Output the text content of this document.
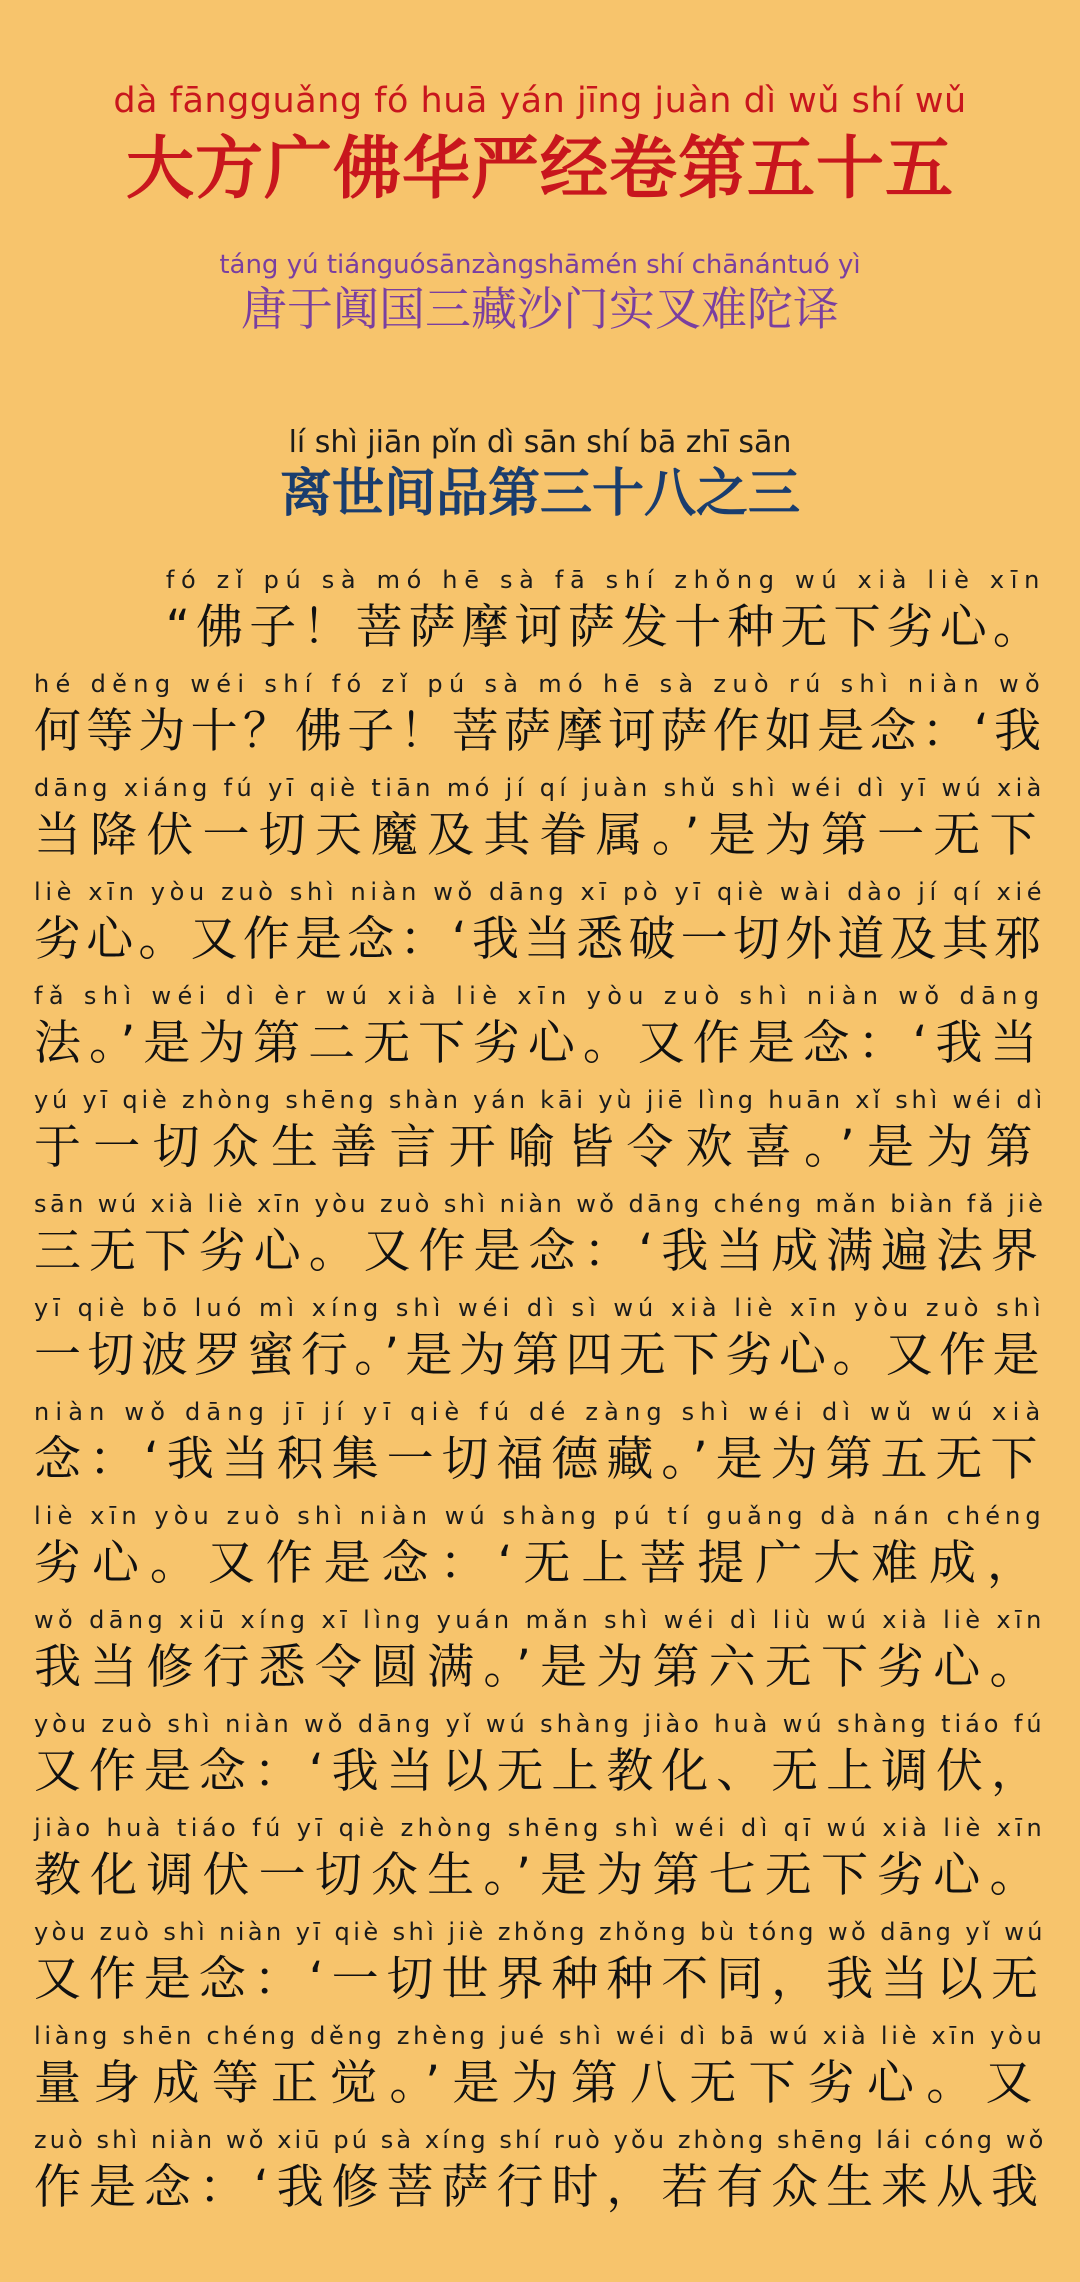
dà fāngguǎng fó huā yán jīng juàn dì wǔ shí wǔ
大方广佛华严经卷第五十五
táng yú tiánguósānzàngshāmén shí chānántuó yì
唐于阗国三藏沙门实叉难陀译
lí shì jiān pǐn dì sān shí bā zhī sān
离世间品第三十八之三
fó zǐ pú sà mó hē sà fā shí zhǒng wú xià liè xīn
“佛子！菩萨摩诃萨发十种无下劣心。
hé děng wéi shí fó zǐ pú sà mó hē sà zuò rú shì niàn wǒ
何等为十？佛子！菩萨摩诃萨作如是念：‘我
dāng xiáng fú yī qiè tiān mó jí qí juàn shǔ shì wéi dì yī wú xià
当降伏一切天魔及其眷属。’是为第一无下
liè xīn yòu zuò shì niàn wǒ dāng xī pò yī qiè wài dào jí qí xié
劣心。又作是念：‘我当悉破一切外道及其邪
fǎ shì wéi dì èr wú xià liè xīn yòu zuò shì niàn wǒ dāng
法。’是为第二无下劣心。又作是念：‘我当
yú yī qiè zhòng shēng shàn yán kāi yù jiē lìng huān xǐ shì wéi dì
于一切众生善言开喻皆令欢喜。’是为第
sān wú xià liè xīn yòu zuò shì niàn wǒ dāng chéng mǎn biàn fǎ jiè
三无下劣心。又作是念：‘我当成满遍法界
yī qiè bō luó mì xíng shì wéi dì sì wú xià liè xīn yòu zuò shì
一切波罗蜜行。’是为第四无下劣心。又作是
niàn wǒ dāng jī jí yī qiè fú dé zàng shì wéi dì wǔ wú xià
念：‘我当积集一切福德藏。’是为第五无下
liè xīn yòu zuò shì niàn wú shàng pú tí guǎng dà nán chéng
劣心。又作是念：‘无上菩提广大难成，
wǒ dāng xiū xíng xī lìng yuán mǎn shì wéi dì liù wú xià liè xīn
我当修行悉令圆满。’是为第六无下劣心。
yòu zuò shì niàn wǒ dāng yǐ wú shàng jiào huà wú shàng tiáo fú
又作是念：‘我当以无上教化、无上调伏，
jiào huà tiáo fú yī qiè zhòng shēng shì wéi dì qī wú xià liè xīn
教化调伏一切众生。’是为第七无下劣心。
yòu zuò shì niàn yī qiè shì jiè zhǒng zhǒng bù tóng wǒ dāng yǐ wú
又作是念：‘一切世界种种不同，我当以无
liàng shēn chéng děng zhèng jué shì wéi dì bā wú xià liè xīn yòu
量身成等正觉。’是为第八无下劣心。又
zuò shì niàn wǒ xiū pú sà xíng shí ruò yǒu zhòng shēng lái cóng wǒ
作是念：‘我修菩萨行时，若有众生来从我
